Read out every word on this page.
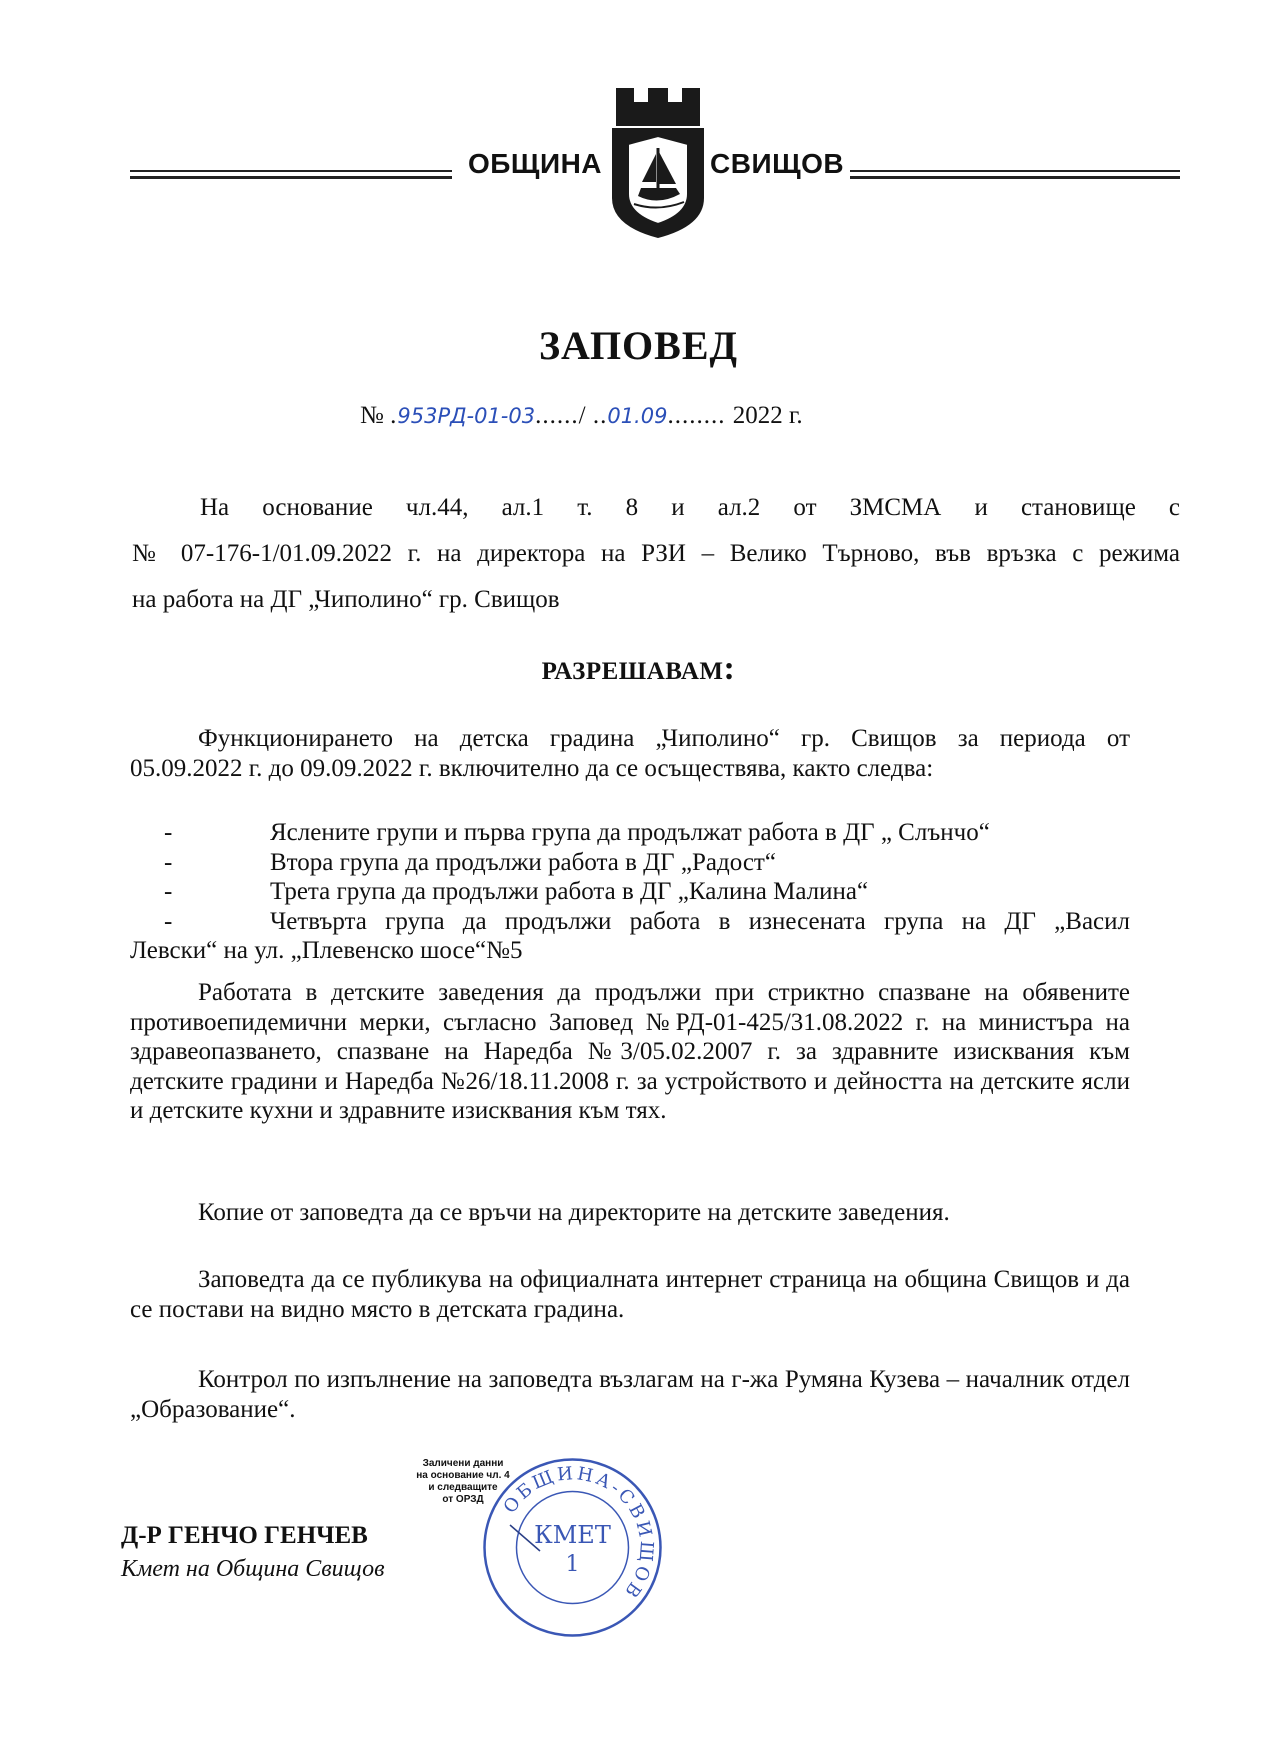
ОБЩИНА	СВИЩОВ
ЗАПОВЕД
№ .953РД-01-03....../ ..01.09........ 2022 г.
На основание чл.44, ал.1 т. 8 и ал.2 от ЗМСМА и становище с
№ 07-176-1/01.09.2022 г. на директора на РЗИ – Велико Търново, във връзка с режима
на работа на ДГ „Чиполино“ гр. Свищов
РАЗРЕШАВАМ:
Функционирането на детска градина „Чиполино“ гр. Свищов за периода от
05.09.2022 г. до 09.09.2022 г. включително да се осъществява, както следва:
-	Яслените групи и първа група да продължат работа в ДГ „ Слънчо“
-	Втора група да продължи работа в ДГ „Радост“
-	Трета група да продължи работа в ДГ „Калина Малина“
-	Четвърта група да продължи работа в изнесената група на ДГ „Васил
Левски“ на ул. „Плевенско шосе“№5
Работата в детските заведения да продължи при стриктно спазване на обявените противоепидемични мерки, съгласно Заповед №РД-01-425/31.08.2022 г. на министъра на здравеопазването, спазване на Наредба №3/05.02.2007 г. за здравните изисквания към детските градини и Наредба №26/18.11.2008 г. за устройството и дейността на детските ясли и детските кухни и здравните изисквания към тях.
Копие от заповедта да се връчи на директорите на детските заведения.
Заповедта да се публикува на официалната интернет страница на община Свищов и да се постави на видно място в детската градина.
Контрол по изпълнение на заповедта възлагам на г-жа Румяна Кузева – началник отдел „Образование“.
Заличени данни
на основание чл. 4
и следващите
от ОРЗД
Д-Р ГЕНЧО ГЕНЧЕВ
Кмет на Община Свищов
ОБЩИНА-СВИЩОВ
КМЕТ
1
